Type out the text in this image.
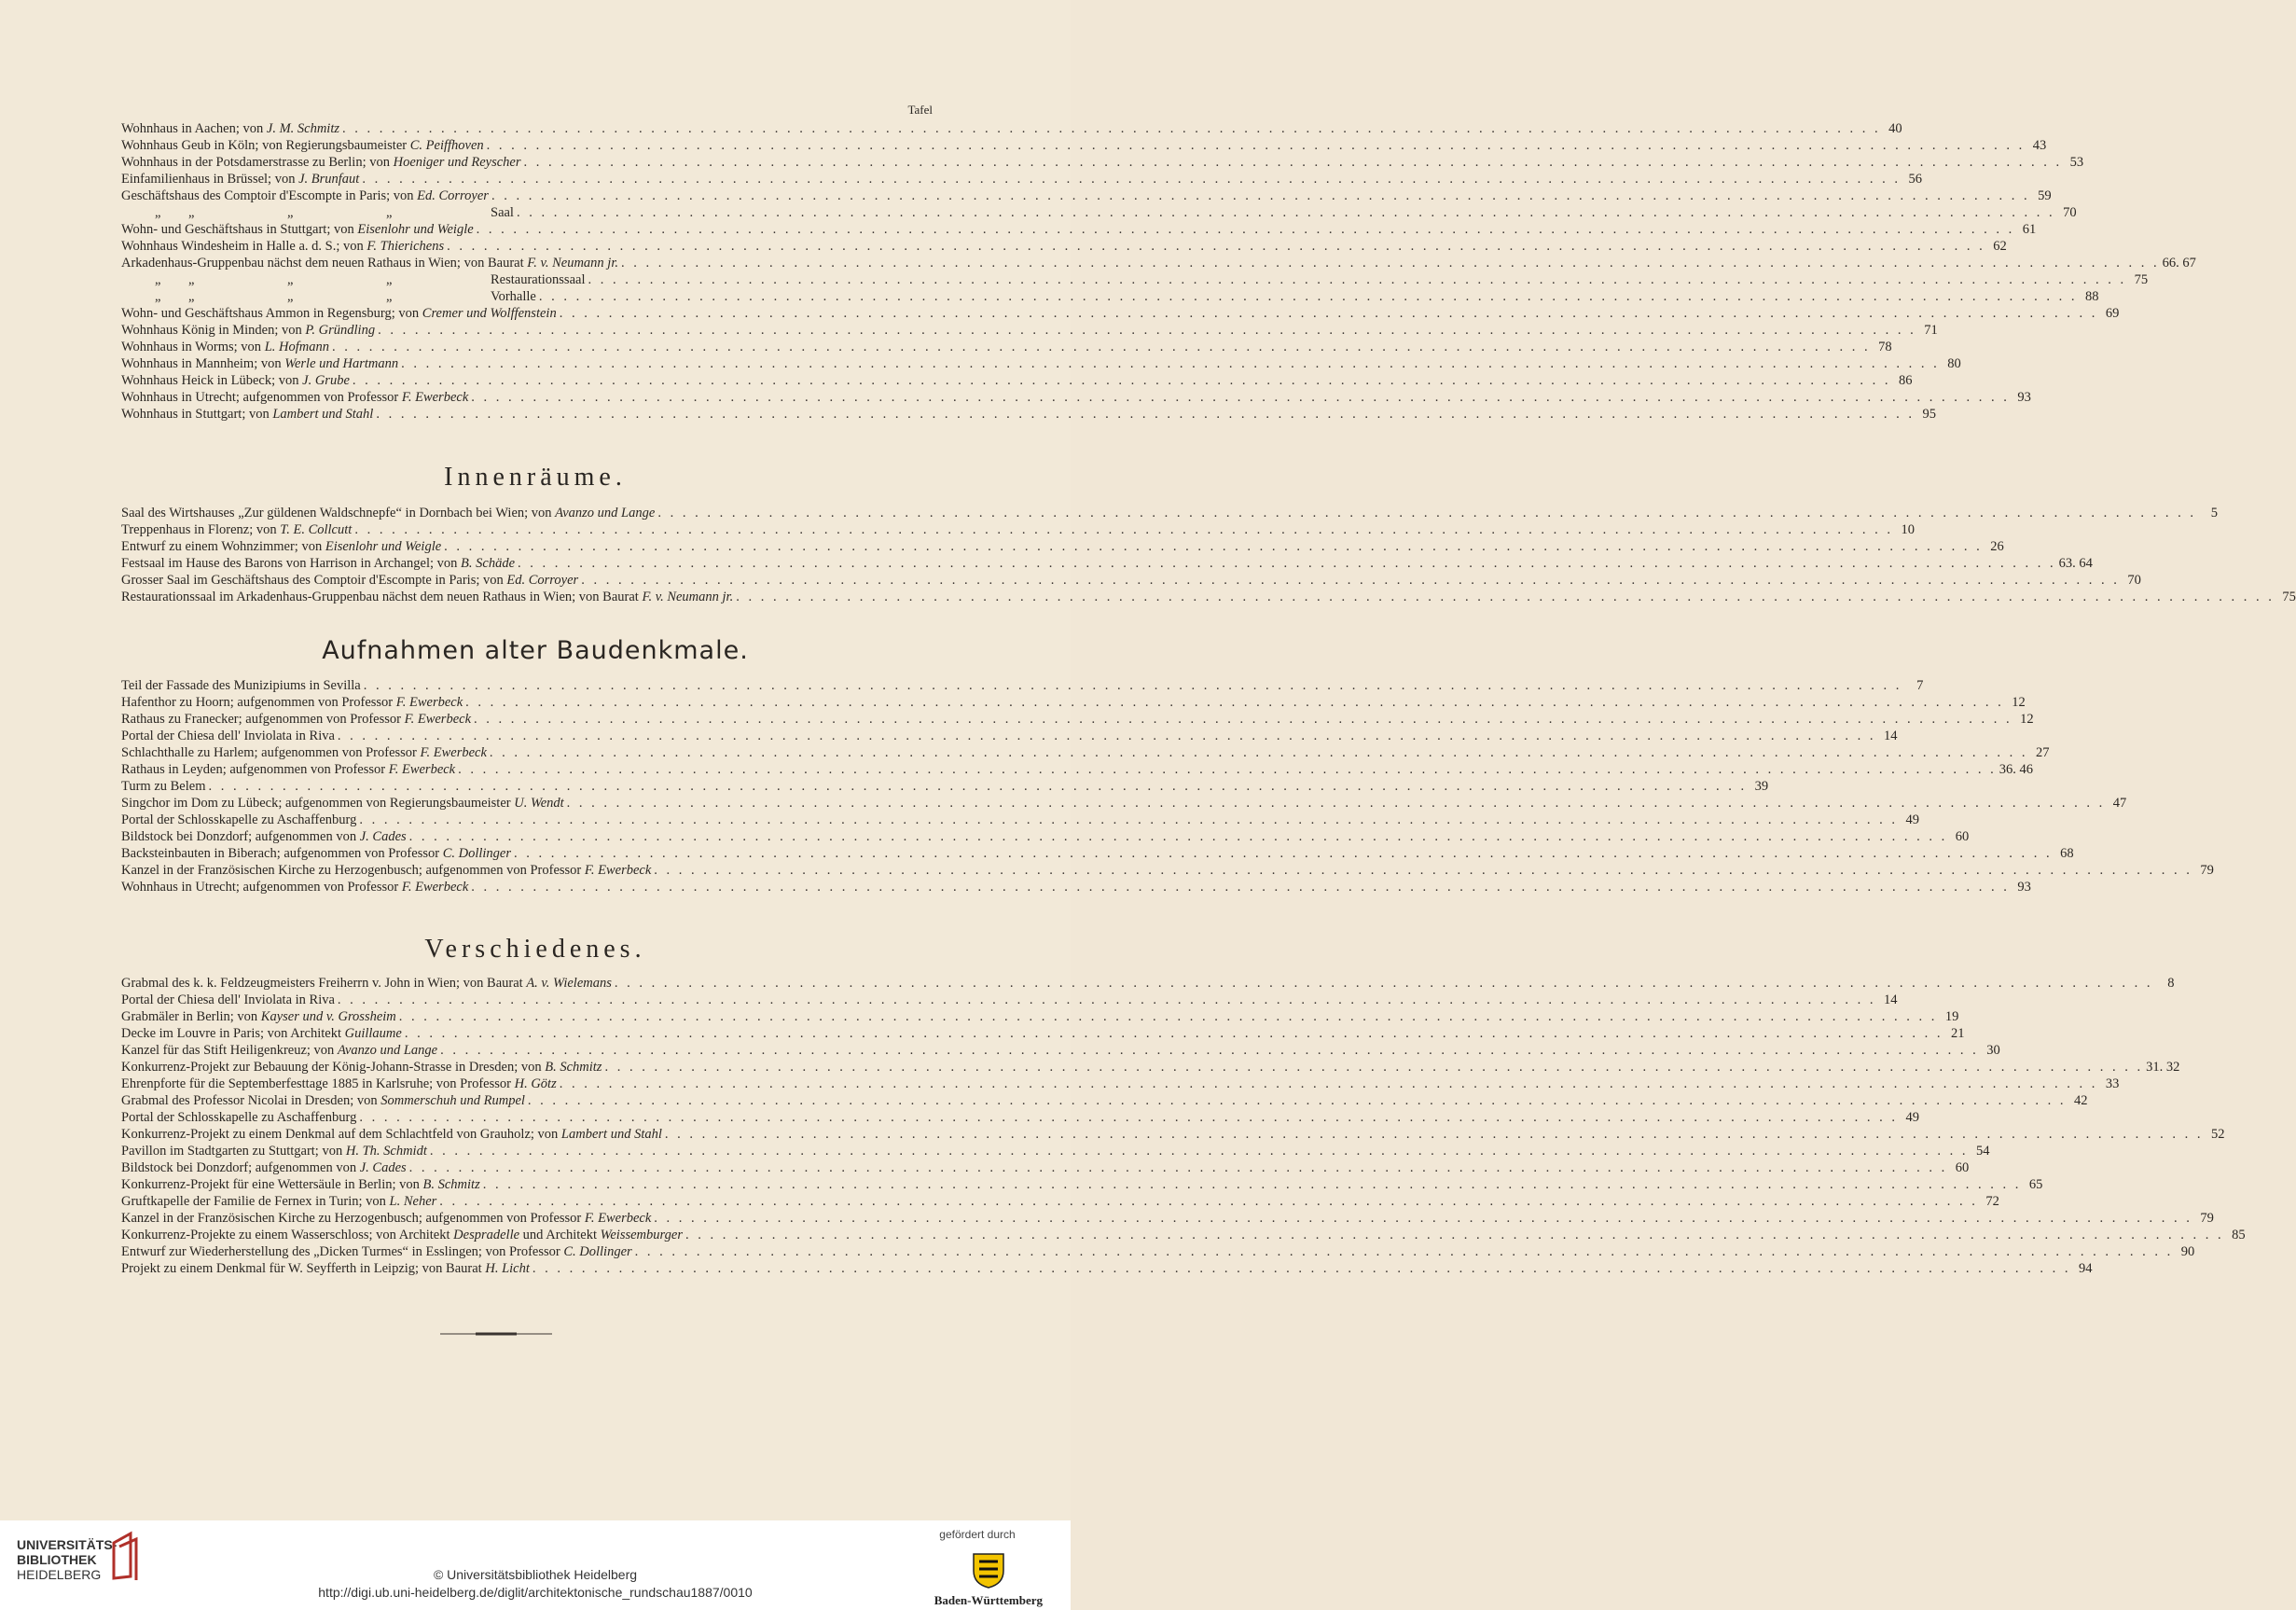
Tafel
Wohnhaus in Aachen; von J. M. Schmitz . . .	40
Wohnhaus Geub in Köln; von Regierungsbaumeister C. Peiffhoven . . .	43
Wohnhaus in der Potsdamerstrasse zu Berlin; von Hoeniger und Reyscher . . .	53
Einfamilienhaus in Brüssel; von J. Brunfaut . . .	56
Geschäftshaus des Comptoir d'Escompte in Paris; von Ed. Corroyer . . .	59
„ „	„	„	Saal . . .	70
Wohn- und Geschäftshaus in Stuttgart; von Eisenlohr und Weigle . . .	61
Wohnhaus Windesheim in Halle a. d. S.; von F. Thierichens . . .	62
Arkadenhaus-Gruppenbau nächst dem neuen Rathaus in Wien; von Baurat F. v. Neumann jr. . . .	66. 67
„ „	„	„	Restaurationssaal . . .	75
„ „	„	„	Vorhalle . . .	88
Wohn- und Geschäftshaus Ammon in Regensburg; von Cremer und Wolffenstein . . .	69
Wohnhaus König in Minden; von P. Gründling . . .	71
Wohnhaus in Worms; von L. Hofmann . . .	78
Wohnhaus in Mannheim; von Werle und Hartmann . . .	80
Wohnhaus Heick in Lübeck; von J. Grube . . .	86
Wohnhaus in Utrecht; aufgenommen von Professor F. Ewerbeck . . .	93
Wohnhaus in Stuttgart; von Lambert und Stahl . . .	95
Innenräume.
Saal des Wirtshauses „Zur güldenen Waldschnepfe“ in Dornbach bei Wien; von Avanzo und Lange . . .	5
Treppenhaus in Florenz; von T. E. Collcutt . . .	10
Entwurf zu einem Wohnzimmer; von Eisenlohr und Weigle . . .	26
Festsaal im Hause des Barons von Harrison in Archangel; von B. Schäde . . .	63. 64
Grosser Saal im Geschäftshaus des Comptoir d'Escompte in Paris; von Ed. Corroyer . . .	70
Restaurationssaal im Arkadenhaus-Gruppenbau nächst dem neuen Rathaus in Wien; von Baurat F. v. Neumann jr. . . .	75
Aufnahmen alter Baudenkmale.
Teil der Fassade des Munizipiums in Sevilla . . .	7
Hafenthor zu Hoorn; aufgenommen von Professor F. Ewerbeck . . .	12
Rathaus zu Franecker; aufgenommen von Professor F. Ewerbeck . . .	12
Portal der Chiesa dell' Inviolata in Riva . . .	14
Schlachthalle zu Harlem; aufgenommen von Professor F. Ewerbeck . . .	27
Rathaus in Leyden; aufgenommen von Professor F. Ewerbeck . . .	36. 46
Turm zu Belem . . .	39
Singchor im Dom zu Lübeck; aufgenommen von Regierungsbaumeister U. Wendt . . .	47
Portal der Schlosskapelle zu Aschaffenburg . . .	49
Bildstock bei Donzdorf; aufgenommen von J. Cades . . .	60
Backsteinbauten in Biberach; aufgenommen von Professor C. Dollinger . . .	68
Kanzel in der Französischen Kirche zu Herzogenbusch; aufgenommen von Professor F. Ewerbeck . . .	79
Wohnhaus in Utrecht; aufgenommen von Professor F. Ewerbeck . . .	93
Verschiedenes.
Grabmal des k. k. Feldzeugmeisters Freiherrn v. John in Wien; von Baurat A. v. Wielemans . . .	8
Portal der Chiesa dell' Inviolata in Riva . . .	14
Grabmäler in Berlin; von Kayser und v. Grossheim . . .	19
Decke im Louvre in Paris; von Architekt Guillaume . . .	21
Kanzel für das Stift Heiligenkreuz; von Avanzo und Lange . . .	30
Konkurrenz-Projekt zur Bebauung der König-Johann-Strasse in Dresden; von B. Schmitz . . .	31. 32
Ehrenpforte für die Septemberfesttage 1885 in Karlsruhe; von Professor H. Götz . . .	33
Grabmal des Professor Nicolai in Dresden; von Sommerschuh und Rumpel . . .	42
Portal der Schlosskapelle zu Aschaffenburg . . .	49
Konkurrenz-Projekt zu einem Denkmal auf dem Schlachtfeld von Grauholz; von Lambert und Stahl . . .	52
Pavillon im Stadtgarten zu Stuttgart; von H. Th. Schmidt . . .	54
Bildstock bei Donzdorf; aufgenommen von J. Cades . . .	60
Konkurrenz-Projekt für eine Wettersäule in Berlin; von B. Schmitz . . .	65
Gruftkapelle der Familie de Fernex in Turin; von L. Neher . . .	72
Kanzel in der Französischen Kirche zu Herzogenbusch; aufgenommen von Professor F. Ewerbeck . . .	79
Konkurrenz-Projekte zu einem Wasserschloss; von Architekt Despradelle und Architekt Weissemburger . . .	85
Entwurf zur Wiederherstellung des „Dicken Turmes“ in Esslingen; von Professor C. Dollinger . . .	90
Projekt zu einem Denkmal für W. Seyfferth in Leipzig; von Baurat H. Licht . . .	94
UNIVERSITÄTS-
BIBLIOTHEK
HEIDELBERG	© Universitätsbibliothek Heidelberg
http://digi.ub.uni-heidelberg.de/diglit/architektonische_rundschau1887/0010
gefördert durch
Baden-Württemberg
